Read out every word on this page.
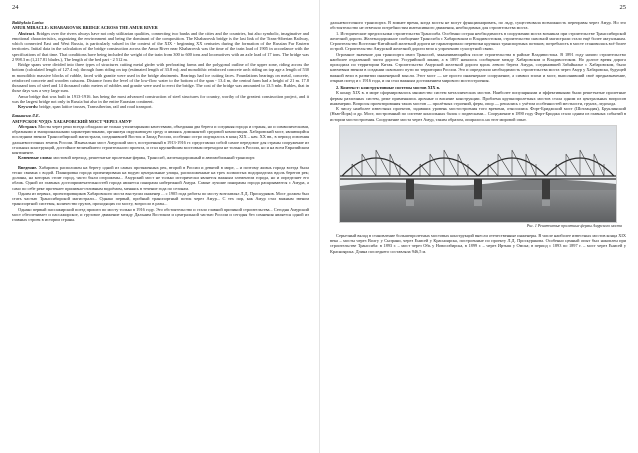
24

Bakhyksia Larisa

AMUR MIRACLE: KHABAROVSK BRIDGE ACROSS THE AMUR RIVER

Abstract. Bridges over the rivers always have not only utilitarian qualities, connecting two banks and the cities and the countries, but also symbolic, imaginative and emotional characteristics, organizing the environment and being the dominant of the composition. The Khabarovsk bridge is the last link of the Trans-Siberian Railway, which connected East and West Russia, is particularly valued in the context of the XIX - beginning XX centuries during the formation of the Russian Far Eastern territories. Initial data in the calculation of the bridge construction across the Amur River near Khabarovsk was the time of the train load of 1905 in accordance with the specifications of that time. That conditions have being included the weight of the train from 300 to 600 tons and locomotives with an axle load of 17 tons. The bridge was 2 998.3 m (1,217.81 blades.), The length of the bed part - 2 512 m.

Bridge spans were divided into three types of structures cutting metal girder with perforating farms and the polygonal outline of the upper zone, riding across the bottom (calculated length of 127.4 m); through farm riding on top (estimated length of 33.8 m); and monolithic reinforced concrete arch riding on top age a length of 530 m monolithic massive blocks of rubble, faced with granite were used in the bridge abutments. Bearings had ice cutting faces. Foundations bearings on metal, concrete, reinforced concrete and wooden caissons. Distance from the level of the low-flow water to the bottom of the span - 13.4 m, the central farm had a height of 21 m. 17.8 thousand tons of steel and 14 thousand cubic meters of rubbles and granite were used to erect the bridge. The cost of the bridge was amounted to 13.5 mln. Rubles, that in those days was a very large sum.

Amur bridge that was built in 1913-1916. has being the most advanced construction of steel structures for country, worthy of the greatest construction project, and it was the largest bridge not only in Russia but also in the entire Eurasian continent.

Keywords: bridge, span lattice trusses, Transsiberian, rail and road transport.

Бакыксия Л.Е.

АМУРСКОЕ ЧУДО: ХАБАРОВСКИЙ МОСТ ЧЕРЕЗ АМУР

Абстракт. Мосты через реки всегда обладали не только утилитарными качествами, объединяя два берега и соединяя города и страны, но и символическими, образными и эмоциональными характеристиками, организуя окружающую среду и являясь доминантой средовой композиции. Хабаровский мост, являющийся последним звеном Транссибирской магистрали, соединившей Восток и Запад России, особенно остро ощущалось в конц XIX – нач. XX вв., в период освоения дальневосточных земель России. Изначально мост Амурский мост, построенный в 1913-1916 гг. представлял собой самое передовое для страны сооружение из стальных конструкций, достойное величайшего строительного проекта, и стал крупнейшим мостовым переходом не только в России, но и на всем Евразийском континенте.

Ключевые слова: мостовой переход, решетчатые пролетные фермы, Транссиб, железнодорожный и автомобильный транспорт.

Введение. Хабаровск расположен на берегу одной из самых протяженных рек, второй в России и девятой в мире, – и поэтому жизнь города всегда была тесно связана с водой. Планировка города ориентирована на водую центральные улицы, расположенные на трех холмистых водоразделах вдоль берегов рек; долины, на которых стоит город, часто были огорожены... Амурский мост не только исторически является важным элементом города, но и определяет его облик. Одной из главных достопримечательностей города является панорама набережной Амура. Самые лучшие панорамы города раскрываются с Амура, а само по себе реке протекает приливно-отливным водоёмом, меняясь в течение года по сезонам.

Одним из первых, проектировщиков Хабаровского моста выступил инженер ... с 1905 года работы по мосту возглавлял Л.Д. Проскуряков. Мост должен был стать частью Транссибирской магистрали... Однако первый, пробный транспортный поток через Амур... С тех пор, как Амур стал важным звеном транспортной системы, количество грузов, проходящих по мосту, возросло в разы...

Однако первый пассажирский поезд прошел по мосту только в 1916 году. Это обстоятельство и стало главной причиной строительства... Сегодня Амурский мост обеспечивает и пассажирское, и грузовое движение между Дальним Востоком и центральной частью России и сегодня без сомнения является одной из главных строек в истории страны.

25

дальневосточного транспорта. В зимнее время, когда мосты не могут функционировать, по льду, существовала возможность переправы через Амур. Но это обстоятельство не отвечало потребностям интенсивного движения, необходимых для строительства моста.

1. Исторические предпосылки строительства Транссиба. Особенно острая необходимость в сооружении моста возникла при строительстве Транссибирской железной дороги. Железнодорожное сообщение Транссиба с Хабаровском и Владивостоком, строительство сквозной магистрали стало ещё более актуальным. Строительство Восточно-Китайской железной дороги не гарантировало перевозки крупных транспортных потоков; потребность в мосте становилась всё более острой. Строительство Амурской железной дороги вело к упрочению сухопутной связи.

Огромное значение для транспорта имел Транссиб, заканчивающийся после строительства в районе Владивостока. В 1891 году начато строительство наиболее отдаленной части дороги: Уссурийской линии, а в 1897 началось сообщение между Хабаровском и Владивостоком. Но долгое время дорога проходила по территории Китая. Строительство Амурской железной дороги вдоль левого берега Амура, соединившей Забайкалье с Хабаровском, было ключевым звеном в создании сквозного пути по территории России. Это и определило необходимость строительства моста через Амур у Хабаровска, будущей важной вехи в развитии инженерной мысли. Этот мост — не просто инженерное сооружение, а символ эпохи и мост, выполнивший своё предназначение, открыв поезд и с 1916 года, и он стал важным достижением мирового мостостроения.

2. Контекст: конструктивные системы мостов XIX в.

К концу XIX в. в мире сформировалось множество систем металлических мостов. Наиболее популярными и эффективными были решетчатые пролетные фермы различных систем, реже применялись арочные и висячие конструкции. Проблема крупнопролетных мостов стала одним из центральных вопросов инженерии. Вопросы проектирования таких мостов — пролётных строений, ферм, опор — решались с учётом особенностей местности, грунта, ледохода.

К числу наиболее известных проектов, задавших уровень мостостроения того времени, относились Форт-Бриджский мост (Шотландия), Бруклинский (Нью-Йорк) и др. Мост, построенный по системе консольных балок с подвесками... Сооружение в 1890 году Форт-Бриджа стало одним из главных событий в истории мостостроения. Сооружение моста через Амур, таким образом, опиралось на этот мировой опыт.

Рис. 1 Решетчатые пролетные фермы Амурского моста

Серьезный вклад в становление большепролетных мостовых конструкций внесли отечественные инженеры. В числе наиболее известных мостов конца XIX века – мосты через Волгу у Сызрани, через Енисей у Красноярска, построенные по проекту Л.Д. Проскурякова. Особенно ценный опыт был накоплен при строительстве Транссиба: в 1893 г. – мост через Обь у Новосибирска, в 1899 г. – через Иртыш у Омска; в период с 1893 по 1897 г. – мост через Енисей у Красноярска. Длина последнего составляла 946,5 м.
